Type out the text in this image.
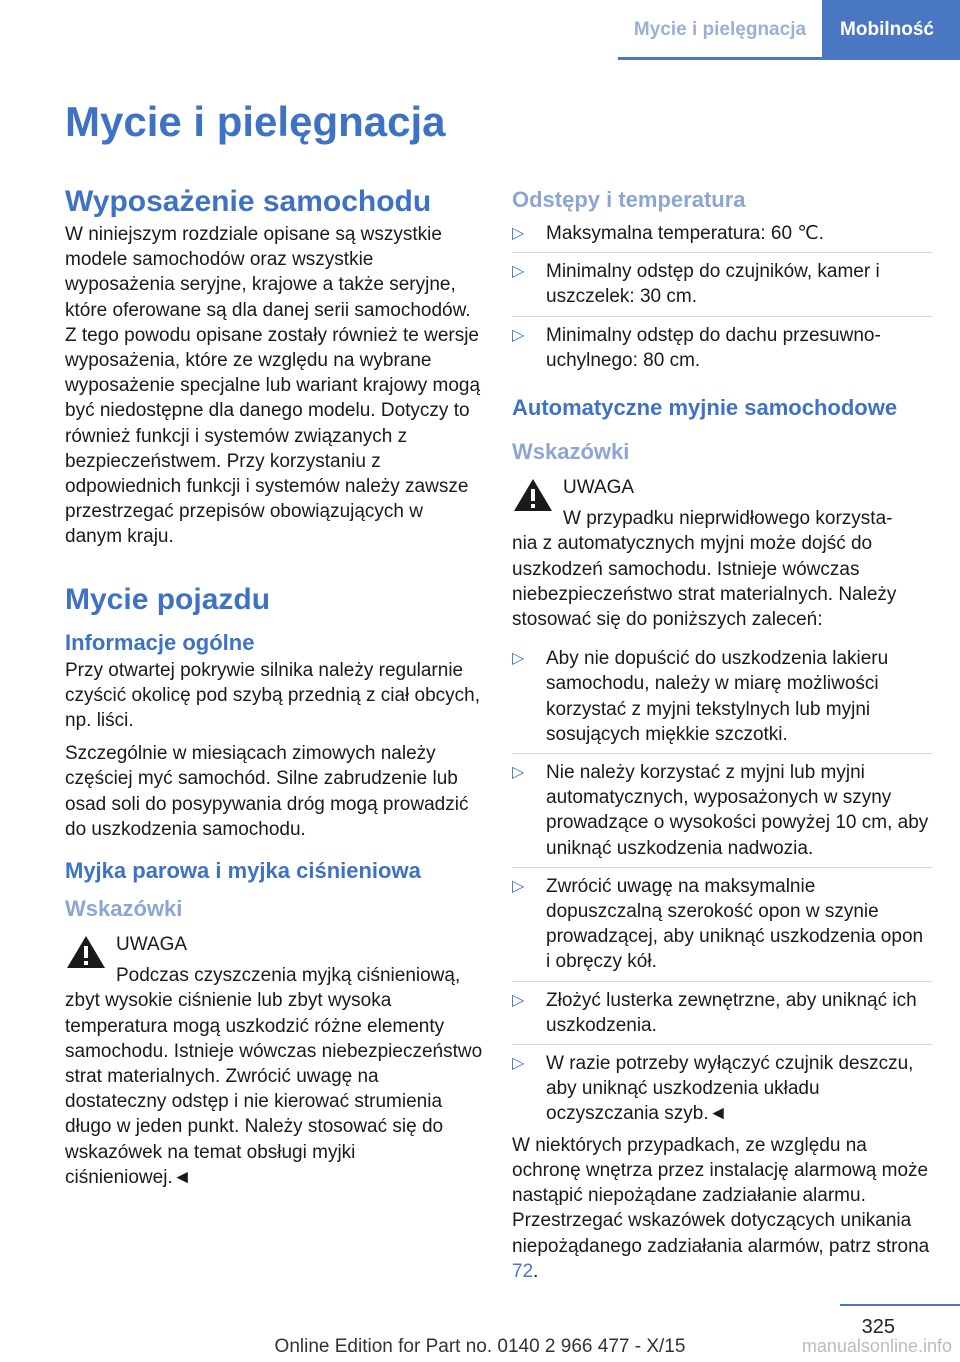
Mycie i pielęgnacja	Mobilność
Mycie i pielęgnacja
Wyposażenie samochodu

W niniejszym rozdziale opisane są wszystkie modele samochodów oraz wszystkie wyposażenia seryjne, krajowe a także seryjne, które oferowane są dla danej serii samochodów. Z tego powodu opisane zostały również te wersje wyposażenia, które ze względu na wybrane wyposażenie specjalne lub wariant krajowy mogą być niedostępne dla danego modelu. Dotyczy to również funkcji i systemów związanych z bezpieczeństwem. Przy korzystaniu z odpowiednich funkcji i systemów należy zawsze przestrzegać przepisów obowiązujących w danym kraju.

Mycie pojazdu
Informacje ogólne

Przy otwartej pokrywie silnika należy regularnie czyścić okolicę pod szybą przednią z ciał obcych, np. liści.

Szczególnie w miesiącach zimowych należy częściej myć samochód. Silne zabrudzenie lub osad soli do posypywania dróg mogą prowadzić do uszkodzenia samochodu.

Myjka parowa i myjka ciśnieniowa
Wskazówki
UWAGA
Podczas czyszczenia myjką ciśnieniową,

zbyt wysokie ciśnienie lub zbyt wysoka temperatura mogą uszkodzić różne elementy samochodu. Istnieje wówczas niebezpieczeństwo strat materialnych. Zwrócić uwagę na dostateczny odstęp i nie kierować strumienia długo w jeden punkt. Należy stosować się do wskazówek na temat obsługi myjki ciśnieniowej.◄

Odstępy i temperatura
▷ Maksymalna temperatura: 60 ℃.
▷ Minimalny odstęp do czujników, kamer i uszczelek: 30 cm.
▷ Minimalny odstęp do dachu przesuwno-uchylnego: 80 cm.
Automatyczne myjnie samochodowe
Wskazówki
UWAGA
W przypadku nieprwidłowego korzysta-

nia z automatycznych myjni może dojść do uszkodzeń samochodu. Istnieje wówczas niebezpieczeństwo strat materialnych. Należy stosować się do poniższych zaleceń:

▷ Aby nie dopuścić do uszkodzenia lakieru samochodu, należy w miarę możliwości korzystać z myjni tekstylnych lub myjni sosujących miękkie szczotki.
▷ Nie należy korzystać z myjni lub myjni automatycznych, wyposażonych w szyny prowadzące o wysokości powyżej 10 cm, aby uniknąć uszkodzenia nadwozia.
▷ Zwrócić uwagę na maksymalnie dopuszczalną szerokość opon w szynie prowadzącej, aby uniknąć uszkodzenia opon i obręczy kół.
▷ Złożyć lusterka zewnętrzne, aby uniknąć ich uszkodzenia.
▷ W razie potrzeby wyłączyć czujnik deszczu, aby uniknąć uszkodzenia układu oczyszczania szyb.◄

W niektórych przypadkach, ze względu na ochronę wnętrza przez instalację alarmową może nastąpić niepożądane zadziałanie alarmu. Przestrzegać wskazówek dotyczących unikania niepożądanego zadziałania alarmów, patrz strona 72.

325
Online Edition for Part no. 0140 2 966 477 - X/15	manualsonline.info
